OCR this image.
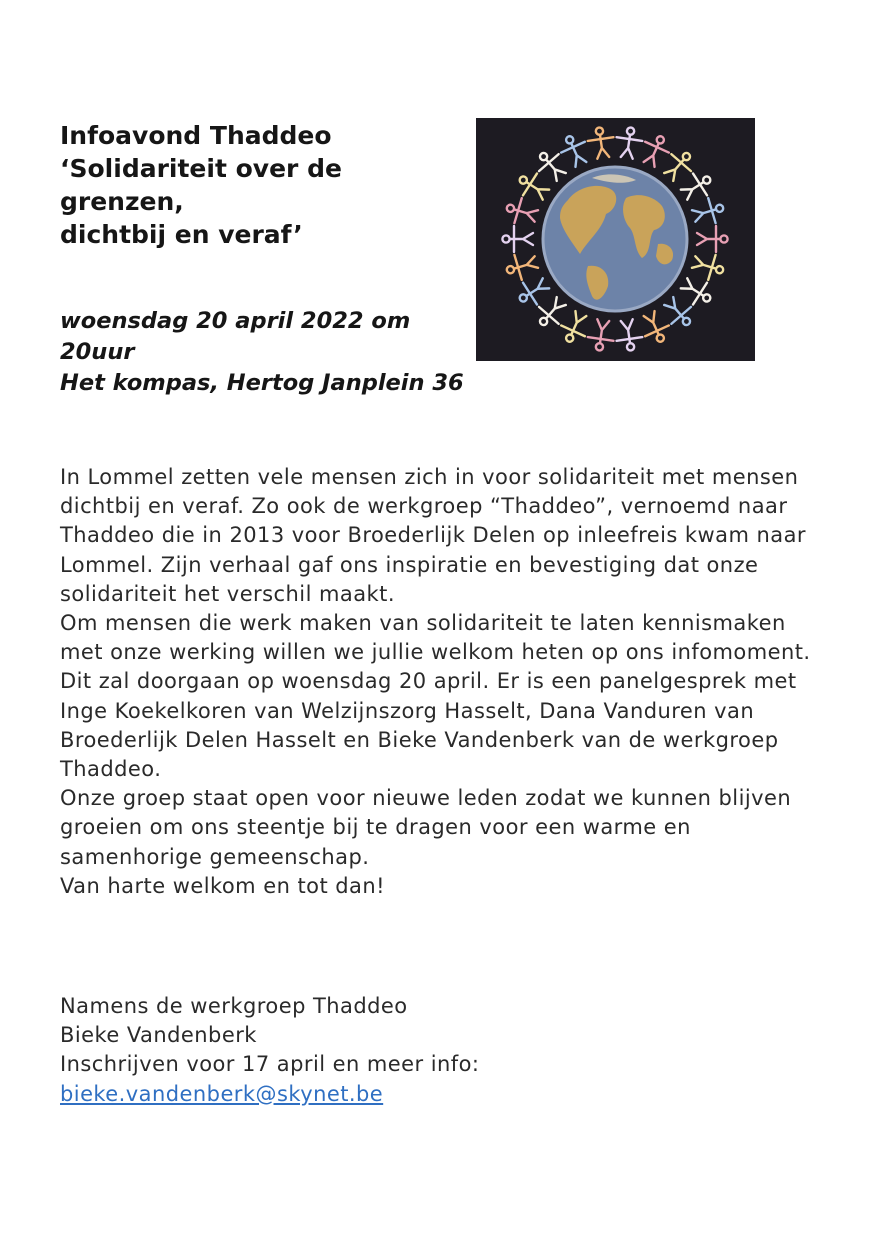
Infoavond Thaddeo
‘Solidariteit over de
grenzen,
dichtbij en veraf’
woensdag 20 april 2022 om
20uur
Het kompas, Hertog Janplein 36

In Lommel zetten vele mensen zich in voor solidariteit met mensen dichtbij en veraf. Zo ook de werkgroep “Thaddeo”, vernoemd naar Thaddeo die in 2013 voor Broederlijk Delen op inleefreis kwam naar Lommel. Zijn verhaal gaf ons inspiratie en bevestiging dat onze solidariteit het verschil maakt.

Om mensen die werk maken van solidariteit te laten kennismaken met onze werking willen we jullie welkom heten op ons infomoment.

Dit zal doorgaan op woensdag 20 april. Er is een panelgesprek met Inge Koekelkoren van Welzijnszorg Hasselt, Dana Vanduren van Broederlijk Delen Hasselt en Bieke Vandenberk van de werkgroep Thaddeo.

Onze groep staat open voor nieuwe leden zodat we kunnen blijven groeien om ons steentje bij te dragen voor een warme en samenhorige gemeenschap.

Van harte welkom en tot dan!

Namens de werkgroep Thaddeo
Bieke Vandenberk
Inschrijven voor 17 april en meer info:
bieke.vandenberk@skynet.be
